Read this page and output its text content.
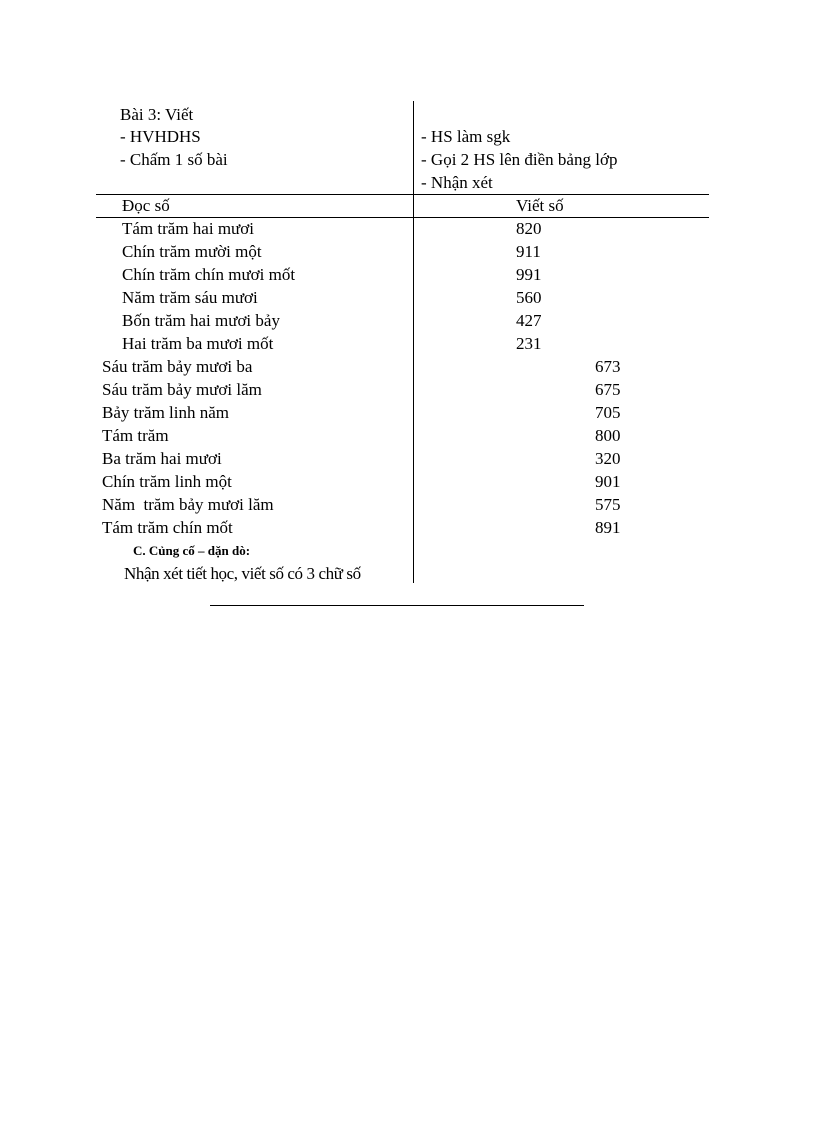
Bài 3: Viết
- HVHDHS
- Chấm 1 số bài
- HS làm sgk
- Gọi 2 HS lên điền bảng lớp
- Nhận xét
Đọc số	Viết số
Tám trăm hai mươi	820
Chín trăm mười một	911
Chín trăm chín mươi mốt	991
Năm trăm sáu mươi	560
Bốn trăm hai mươi bảy	427
Hai trăm ba mươi mốt	231
Sáu trăm bảy mươi ba	673
Sáu trăm bảy mươi lăm	675
Bảy trăm linh năm	705
Tám trăm	800
Ba trăm hai mươi	320
Chín trăm linh một	901
Năm  trăm bảy mươi lăm	575
Tám trăm chín mốt	891
C. Củng cố – dặn dò:
Nhận xét tiết học, viết số có 3 chữ số
